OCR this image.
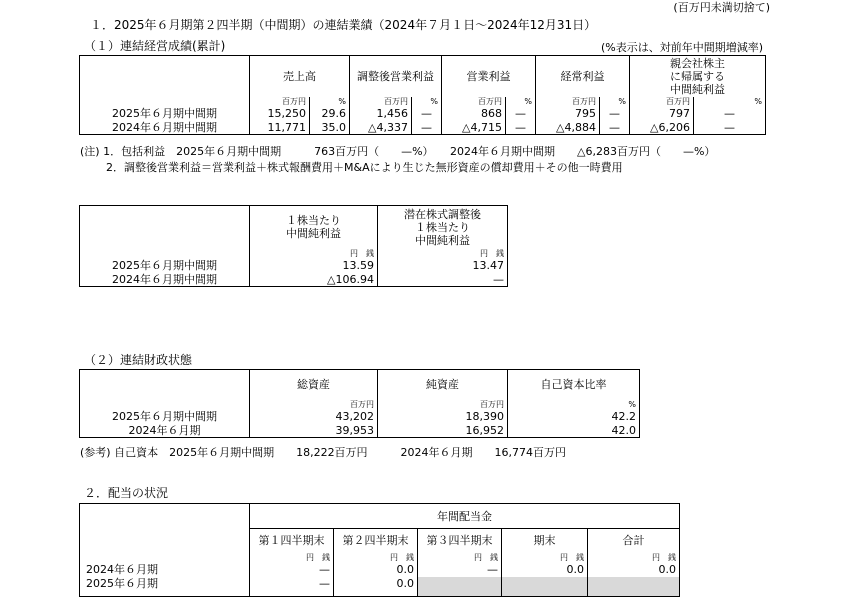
(百万円未満切捨て)
１．2025年６月期第２四半期（中間期）の連結業績（2024年７月１日～2024年12月31日）
（１）連結経営成績(累計)	(%表示は、対前年中間期増減率)
	売上高		調整後営業利益		営業利益		経常利益		親会社株主
に帰属する
中間純利益	
	百万円	%	百万円	%	百万円	%	百万円	%	百万円	%
2025年６月期中間期	15,250	29.6	1,456	—	868	—	795	—	797	—
2024年６月期中間期	11,771	35.0	△4,337	—	△4,715	—	△4,884	—	△6,206	—
(注) 1．包括利益　2025年６月期中間期　　　763百万円（　　—%）　　2024年６月期中間期　　△6,283百万円（　　—%）
2．調整後営業利益＝営業利益＋株式報酬費用＋M&Aにより生じた無形資産の償却費用＋その他一時費用
	１株当たり
中間純利益	潜在株式調整後
１株当たり
中間純利益
	円　銭	円　銭
2025年６月期中間期	13.59	13.47
2024年６月期中間期	△106.94	—
（２）連結財政状態
	総資産	純資産	自己資本比率
	百万円	百万円	%
2025年６月期中間期	43,202	18,390	42.2
2024年６月期	39,953	16,952	42.0
(参考) 自己資本　2025年６月期中間期　　18,222百万円　　　2024年６月期　　16,774百万円
２．配当の状況
	年間配当金				
	第１四半期末	第２四半期末	第３四半期末	期末	合計
	円　銭	円　銭	円　銭	円　銭	円　銭
2024年６月期	—	0.0	—	0.0	0.0
2025年６月期	—	0.0			
